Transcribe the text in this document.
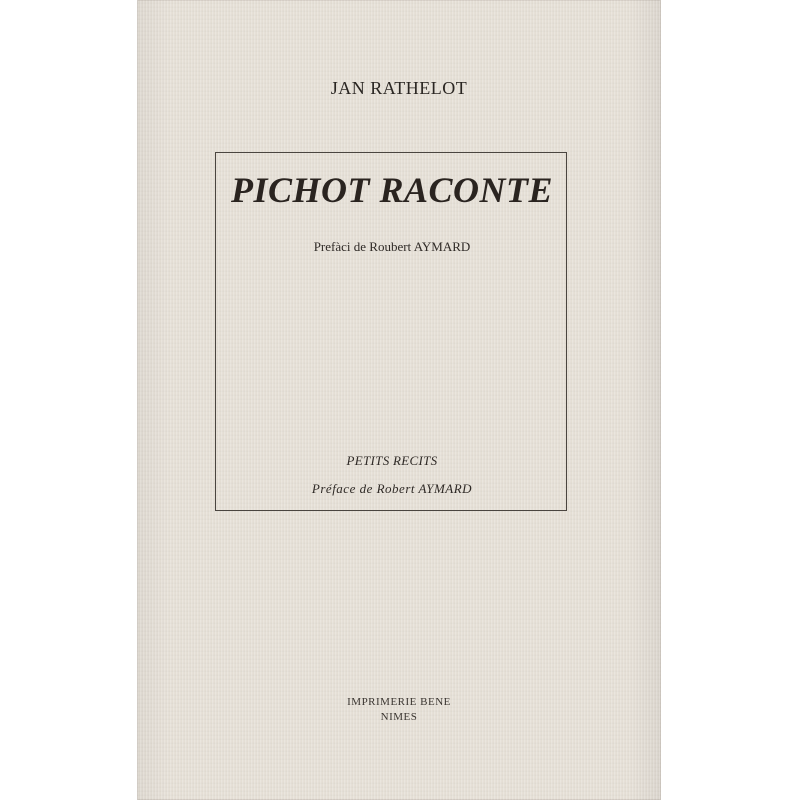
JAN RATHELOT
PICHOT RACONTE
Prefàci de Roubert AYMARD
PETITS RECITS
Préface de Robert AYMARD
IMPRIMERIE BENE
NIMES
